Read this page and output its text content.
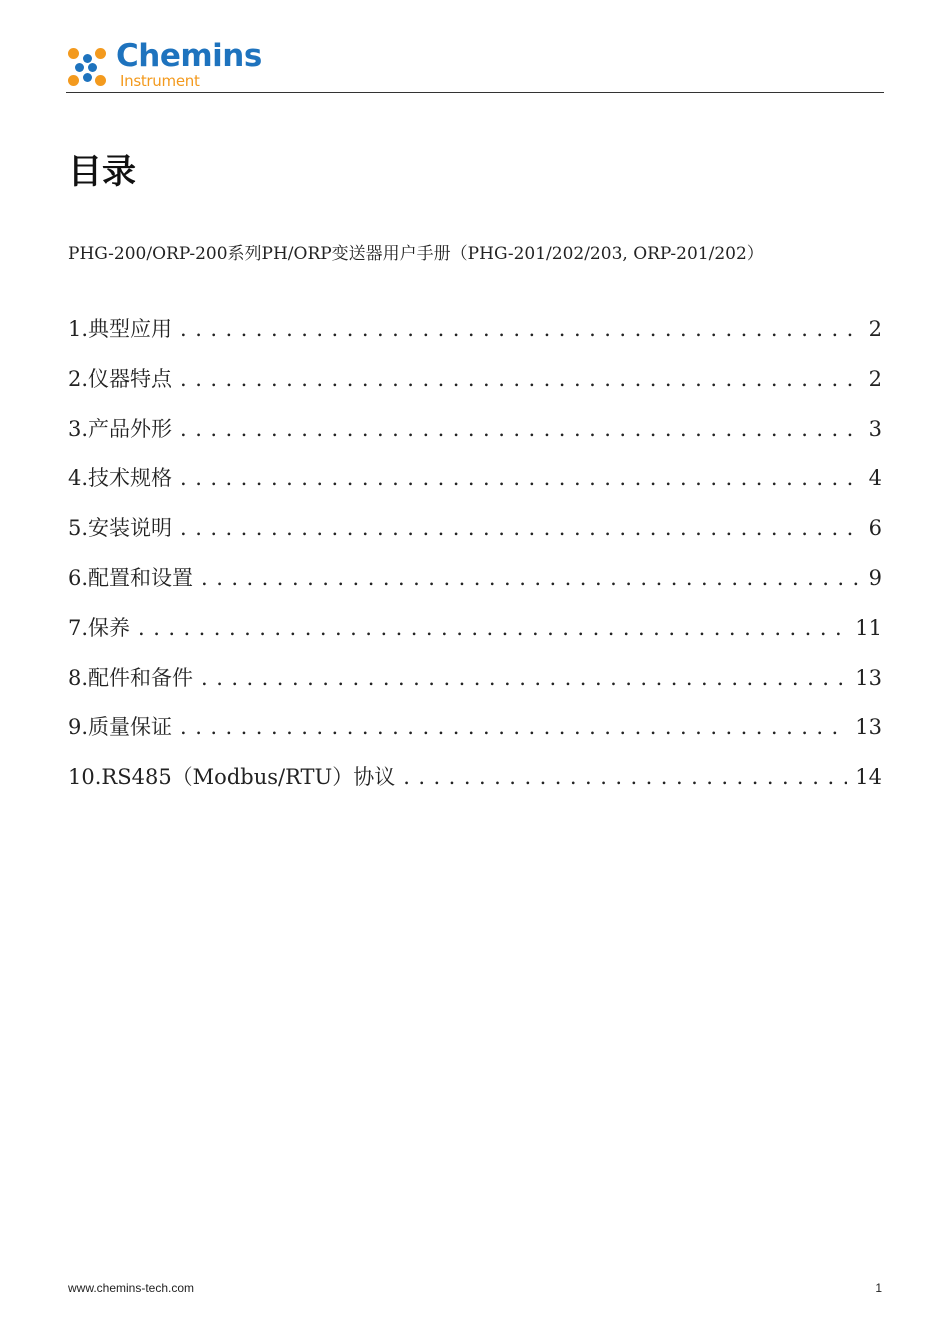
Chemins
Instrument
目录
PHG-200/ORP-200系列PH/ORP变送器用户手册（PHG-201/202/203, ORP-201/202）
1.典型应用 . . .	2
2.仪器特点 . . .	2
3.产品外形 . . .	3
4.技术规格 . . .	4
5.安装说明 . . .	6
6.配置和设置 . . .	9
7.保养 . . .	11
8.配件和备件 . . .	13
9.质量保证 . . .	13
10.RS485（Modbus/RTU）协议 . . .	14
www.chemins-tech.com	1
